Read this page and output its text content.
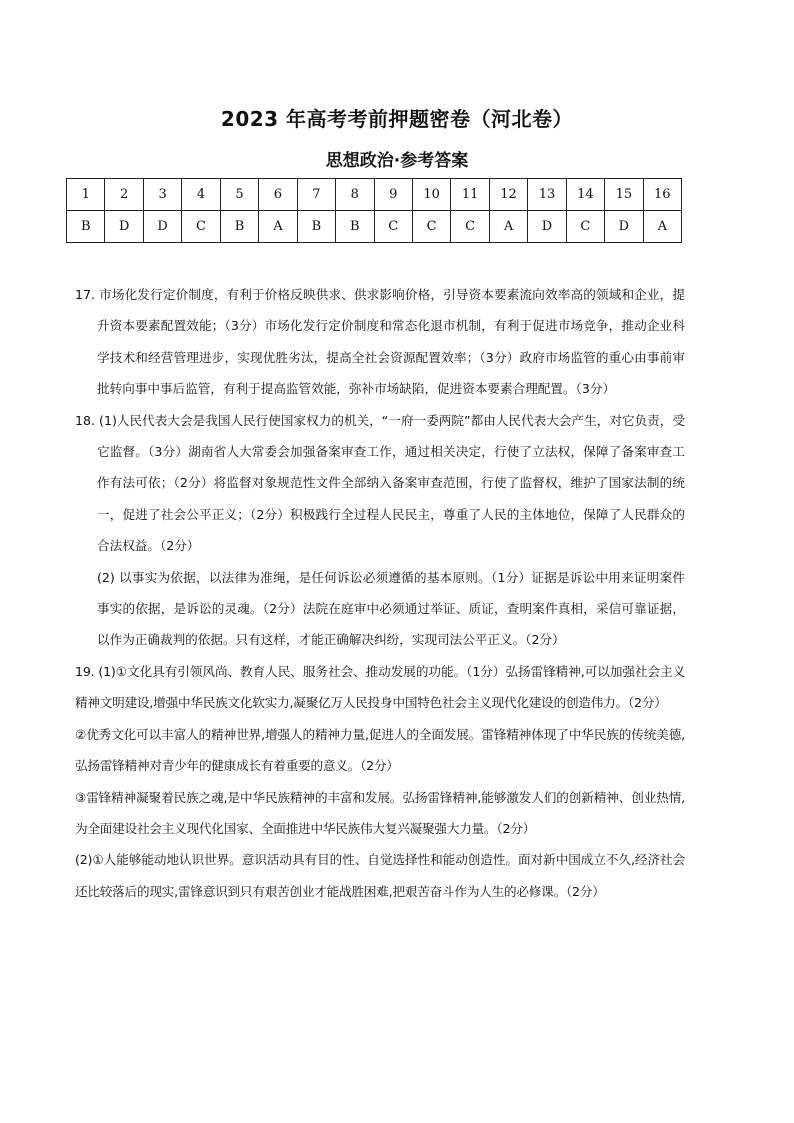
2023 年高考考前押题密卷（河北卷）
思想政治·参考答案
1	2	3	4	5	6	7	8	9	10	11	12	13	14	15	16
B	D	D	C	B	A	B	B	C	C	C	A	D	C	D	A

17. 市场化发行定价制度，有利于价格反映供求、供求影响价格，引导资本要素流向效率高的领域和企业，提升资本要素配置效能；（3分）市场化发行定价制度和常态化退市机制，有利于促进市场竞争，推动企业科学技术和经营管理进步，实现优胜劣汰，提高全社会资源配置效率；（3分）政府市场监管的重心由事前审批转向事中事后监管，有利于提高监管效能，弥补市场缺陷，促进资本要素合理配置。（3分）

18. (1)人民代表大会是我国人民行使国家权力的机关，“一府一委两院”都由人民代表大会产生，对它负责，受它监督。（3分）湖南省人大常委会加强备案审查工作，通过相关决定，行使了立法权，保障了备案审查工作有法可依；（2分）将监督对象规范性文件全部纳入备案审查范围，行使了监督权，维护了国家法制的统一，促进了社会公平正义；（2分）积极践行全过程人民民主，尊重了人民的主体地位，保障了人民群众的合法权益。（2分）

(2) 以事实为依据，以法律为准绳，是任何诉讼必须遵循的基本原则。（1分）证据是诉讼中用来证明案件事实的依据，是诉讼的灵魂。（2分）法院在庭审中必须通过举证、质证，查明案件真相，采信可靠证据，以作为正确裁判的依据。只有这样，才能正确解决纠纷，实现司法公平正义。（2分）

19. (1)①文化具有引领风尚、教育人民、服务社会、推动发展的功能。（1分）弘扬雷锋精神,可以加强社会主义精神文明建设,增强中华民族文化软实力,凝聚亿万人民投身中国特色社会主义现代化建设的创造伟力。（2分）

②优秀文化可以丰富人的精神世界,增强人的精神力量,促进人的全面发展。雷锋精神体现了中华民族的传统美德,弘扬雷锋精神对青少年的健康成长有着重要的意义。（2分）

③雷锋精神凝聚着民族之魂,是中华民族精神的丰富和发展。弘扬雷锋精神,能够激发人们的创新精神、创业热情,为全面建设社会主义现代化国家、全面推进中华民族伟大复兴凝聚强大力量。（2分）

(2)①人能够能动地认识世界。意识活动具有目的性、自觉选择性和能动创造性。面对新中国成立不久,经济社会还比较落后的现实,雷锋意识到只有艰苦创业才能战胜困难,把艰苦奋斗作为人生的必修课。（2分）
